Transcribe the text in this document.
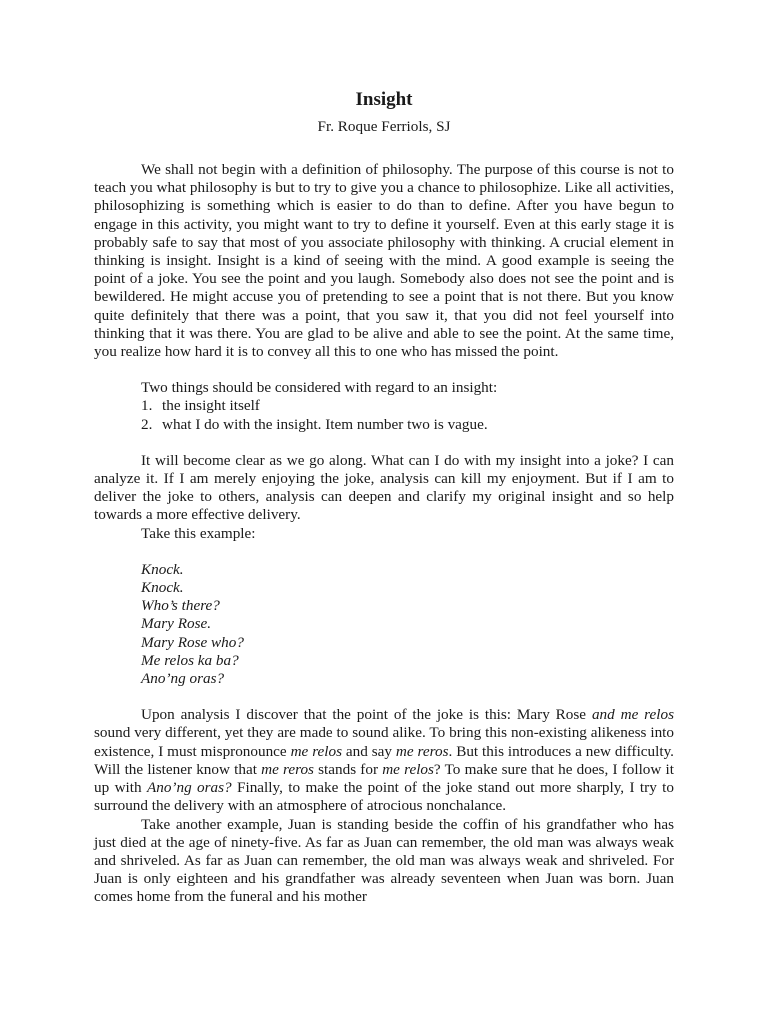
Insight
Fr. Roque Ferriols, SJ

We shall not begin with a definition of philosophy. The purpose of this course is not to teach you what philosophy is but to try to give you a chance to philosophize. Like all activities, philosophizing is something which is easier to do than to define. After you have begun to engage in this activity, you might want to try to define it yourself. Even at this early stage it is probably safe to say that most of you associate philosophy with thinking. A crucial element in thinking is insight. Insight is a kind of seeing with the mind. A good example is seeing the point of a joke. You see the point and you laugh. Somebody also does not see the point and is bewildered. He might accuse you of pretending to see a point that is not there. But you know quite definitely that there was a point, that you saw it, that you did not feel yourself into thinking that it was there. You are glad to be alive and able to see the point. At the same time, you realize how hard it is to convey all this to one who has missed the point.

Two things should be considered with regard to an insight:

1. the insight itself
2. what I do with the insight. Item number two is vague.

It will become clear as we go along. What can I do with my insight into a joke? I can analyze it. If I am merely enjoying the joke, analysis can kill my enjoyment. But if I am to deliver the joke to others, analysis can deepen and clarify my original insight and so help towards a more effective delivery.

Take this example:

Knock.
Knock.
Who’s there?
Mary Rose.
Mary Rose who?
Me relos ka ba?
Ano’ng oras?

Upon analysis I discover that the point of the joke is this: Mary Rose and me relos sound very different, yet they are made to sound alike. To bring this non-existing alikeness into existence, I must mispronounce me relos and say me reros. But this introduces a new difficulty. Will the listener know that me reros stands for me relos? To make sure that he does, I follow it up with Ano’ng oras? Finally, to make the point of the joke stand out more sharply, I try to surround the delivery with an atmosphere of atrocious nonchalance.

Take another example, Juan is standing beside the coffin of his grandfather who has just died at the age of ninety-five. As far as Juan can remember, the old man was always weak and shriveled. As far as Juan can remember, the old man was always weak and shriveled. For Juan is only eighteen and his grandfather was already seventeen when Juan was born. Juan comes home from the funeral and his mother
